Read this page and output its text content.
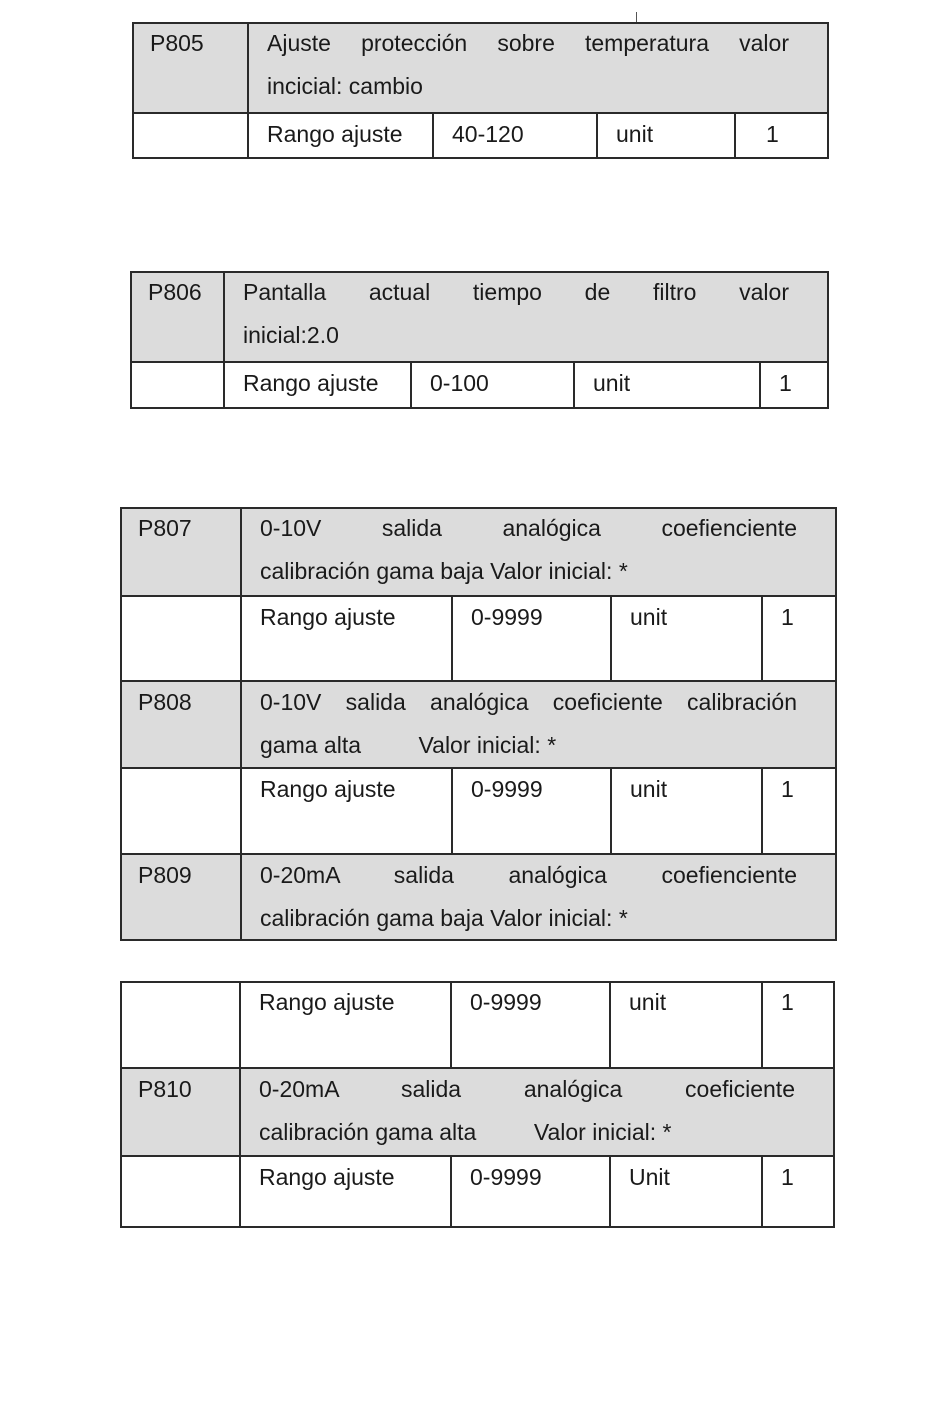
P805	Ajuste protección sobre temperatura valor
incicial: cambio
Rango ajuste	40-120	unit	1
P806	Pantalla actual tiempo de filtro valor
inicial:2.0
Rango ajuste	0-100	unit	1
P807	0-10V salida analógica coefienciente
calibración gama baja Valor inicial: *
Rango ajuste	0-9999	unit	1
P808	0-10V salida analógica coeficiente calibración
gama alta         Valor inicial: *
Rango ajuste	0-9999	unit	1
P809	0-20mA salida analógica coefienciente
calibración gama baja Valor inicial: *
Rango ajuste	0-9999	unit	1
P810	0-20mA salida analógica coeficiente
calibración gama alta         Valor inicial: *
Rango ajuste	0-9999	Unit	1
